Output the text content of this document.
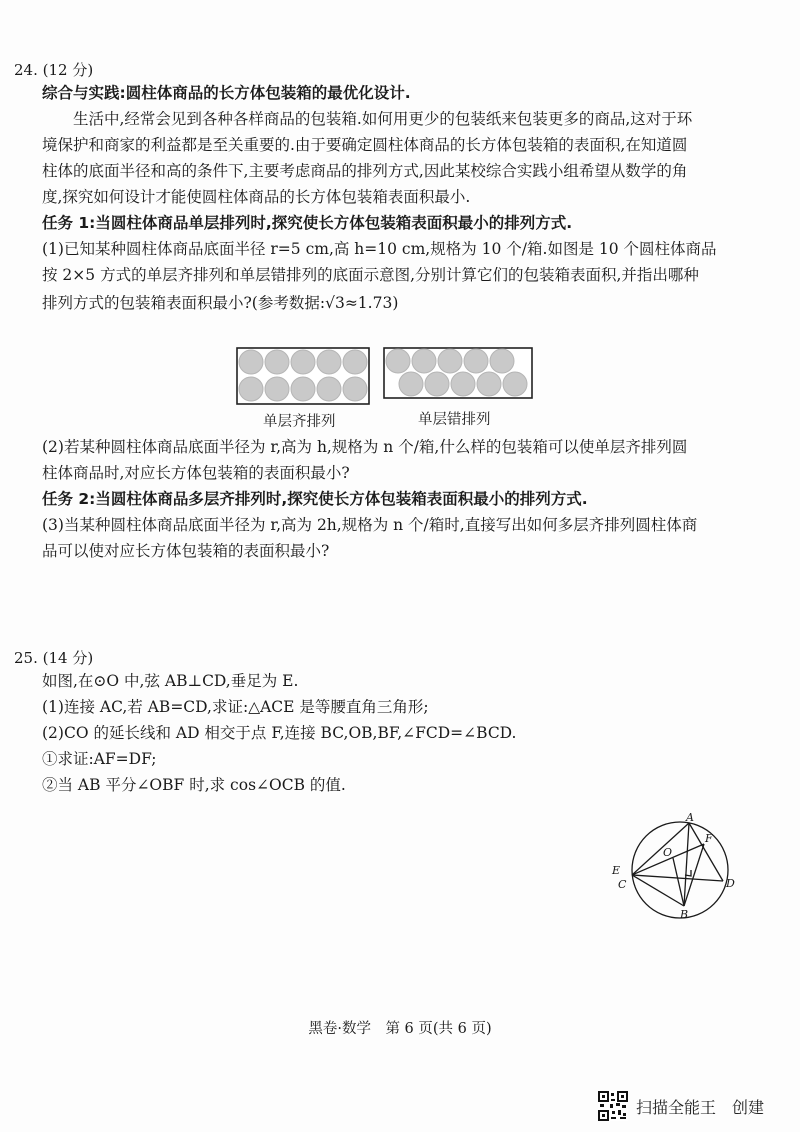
24. (12 分)
综合与实践:圆柱体商品的长方体包装箱的最优化设计.
　　生活中,经常会见到各种各样商品的包装箱.如何用更少的包装纸来包装更多的商品,这对于环
境保护和商家的利益都是至关重要的.由于要确定圆柱体商品的长方体包装箱的表面积,在知道圆
柱体的底面半径和高的条件下,主要考虑商品的排列方式,因此某校综合实践小组希望从数学的角
度,探究如何设计才能使圆柱体商品的长方体包装箱表面积最小.
任务 1:当圆柱体商品单层排列时,探究使长方体包装箱表面积最小的排列方式.
(1)已知某种圆柱体商品底面半径 r=5 cm,高 h=10 cm,规格为 10 个/箱.如图是 10 个圆柱体商品
按 2×5 方式的单层齐排列和单层错排列的底面示意图,分别计算它们的包装箱表面积,并指出哪种
排列方式的包装箱表面积最小?(参考数据:√3≈1.73)
单层齐排列	单层错排列
(2)若某种圆柱体商品底面半径为 r,高为 h,规格为 n 个/箱,什么样的包装箱可以使单层齐排列圆
柱体商品时,对应长方体包装箱的表面积最小?
任务 2:当圆柱体商品多层齐排列时,探究使长方体包装箱表面积最小的排列方式.
(3)当某种圆柱体商品底面半径为 r,高为 2h,规格为 n 个/箱时,直接写出如何多层齐排列圆柱体商
品可以使对应长方体包装箱的表面积最小?
25. (14 分)
如图,在⊙O 中,弦 AB⊥CD,垂足为 E.
(1)连接 AC,若 AB=CD,求证:△ACE 是等腰直角三角形;
(2)CO 的延长线和 AD 相交于点 F,连接 BC,OB,BF,∠FCD=∠BCD.
①求证:AF=DF;
②当 AB 平分∠OBF 时,求 cos∠OCB 的值.
A
F
O
E
C	D
B
黑卷·数学　第 6 页(共 6 页)
扫描全能王　创建
